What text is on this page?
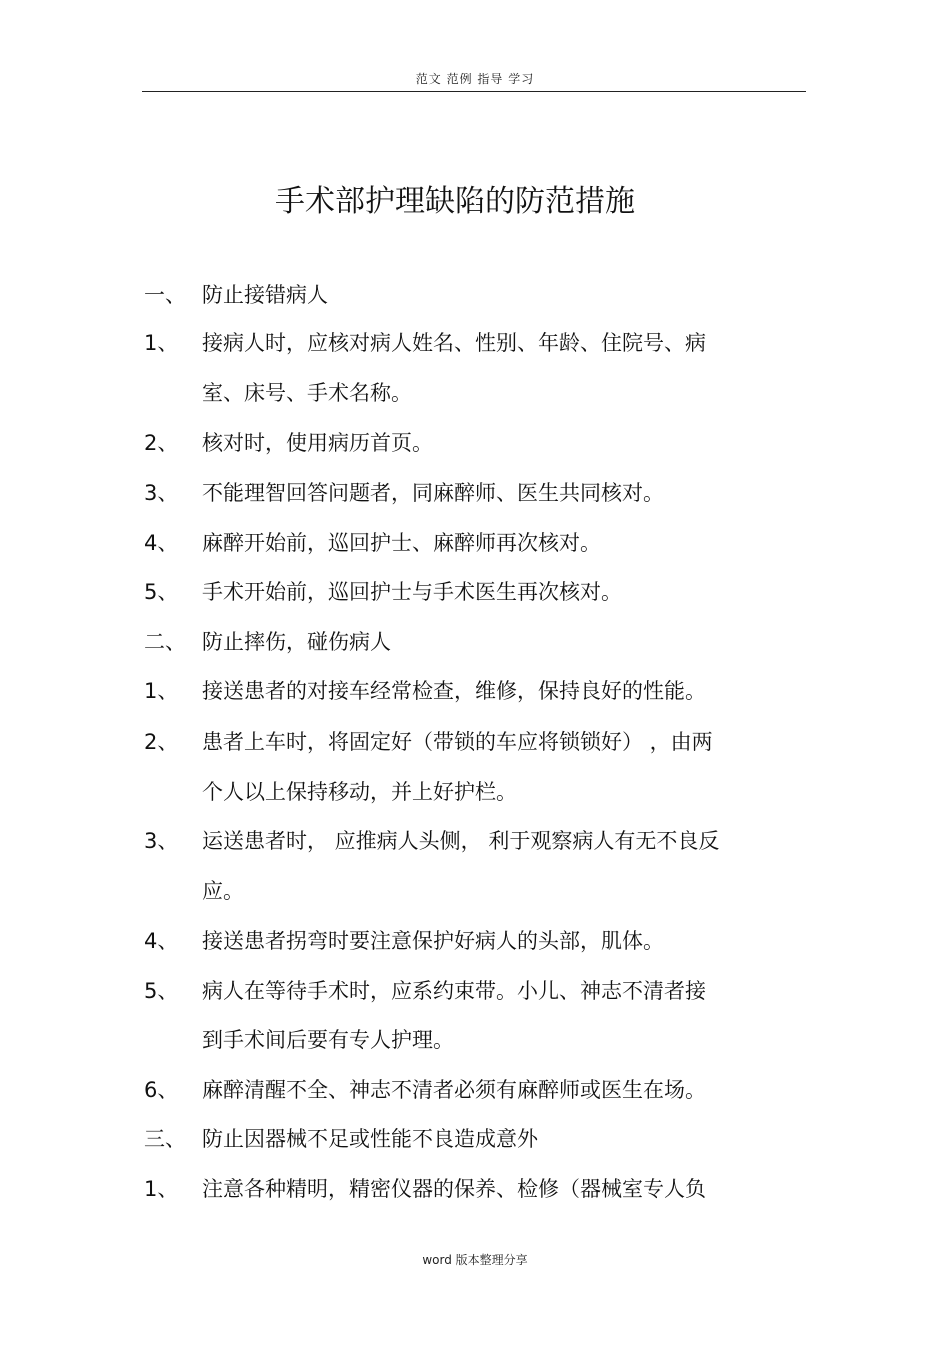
范文 范例 指导 学习
手术部护理缺陷的防范措施
一、 防止接错病人
1、 接病人时，应核对病人姓名、性别、年龄、住院号、病
室、床号、手术名称。
2、 核对时，使用病历首页。
3、 不能理智回答问题者，同麻醉师、医生共同核对。
4、 麻醉开始前，巡回护士、麻醉师再次核对。
5、 手术开始前，巡回护士与手术医生再次核对。
二、 防止摔伤，碰伤病人
1、 接送患者的对接车经常检查，维修，保持良好的性能。
2、 患者上车时，将固定好（带锁的车应将锁锁好） ，由两
个人以上保持移动，并上好护栏。
3、 运送患者时， 应推病人头侧， 利于观察病人有无不良反
应。
4、 接送患者拐弯时要注意保护好病人的头部，肌体。
5、 病人在等待手术时，应系约束带。小儿、神志不清者接
到手术间后要有专人护理。
6、 麻醉清醒不全、神志不清者必须有麻醉师或医生在场。
三、 防止因器械不足或性能不良造成意外
1、 注意各种精明，精密仪器的保养、检修（器械室专人负
word 版本整理分享
